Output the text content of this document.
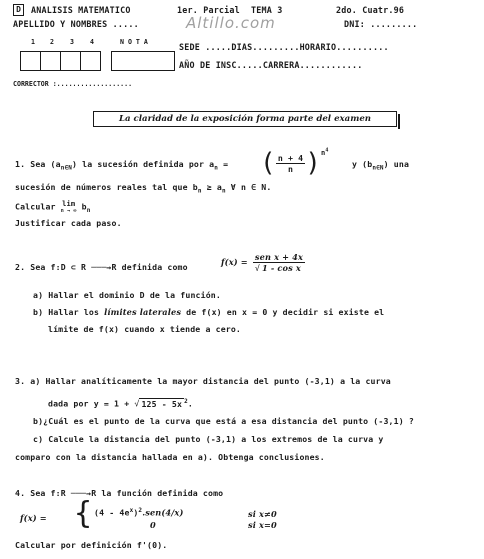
D	ANALISIS MATEMATICO	1er. Parcial TEMA 3	2do. Cuatr.96
Altillo.com
APELLIDO Y NOMBRES .....	DNI: .........
1 2 3 4	N O T A	SEDE .....DIAS.........HORARIO..........
AÑO DE INSC.....CARRERA............
CORRECTOR :...................
La claridad de la exposición forma parte del examen
1. Sea $(a_{n\in N})$ la sucesión definida por $a_n$ = ( $\frac{n + 4}{n} )^{n^4}$
y $(b_{n\in N})$ una
sucesión de números reales tal que $b_n \ge a_n$ ∀ n ∈ N.
Calcular lim
n → ∞ $b_n$
Justificar cada paso.
2. Sea f:D ⊂ R ───→R definida como	$f(x) = \frac{\text{sen x + 4x}}{\text{√ 1 - cos x}}$
a) Hallar el dominio D de la función.
b) Hallar los límites laterales de f(x) en x = 0 y decidir si existe el
límite de f(x) cuando x tiende a cero.
3. a) Hallar analíticamente la mayor distancia del punto (-3,1) a la curva
dada por y = 1 + √ 125 - 5x $^2$.
b)¿Cuál es el punto de la curva que está a esa distancia del punto (-3,1) ?
c) Calcule la distancia del punto (-3,1) a los extremos de la curva y
comparo con la distancia hallada en a). Obtenga conclusiones.
4. Sea f:R ───→R la función definida como
f(x) = { $(4 - 4e^x)^2.sen(4/x)$	si x≠0
0	si x=0
Calcular por definición f'(0).
